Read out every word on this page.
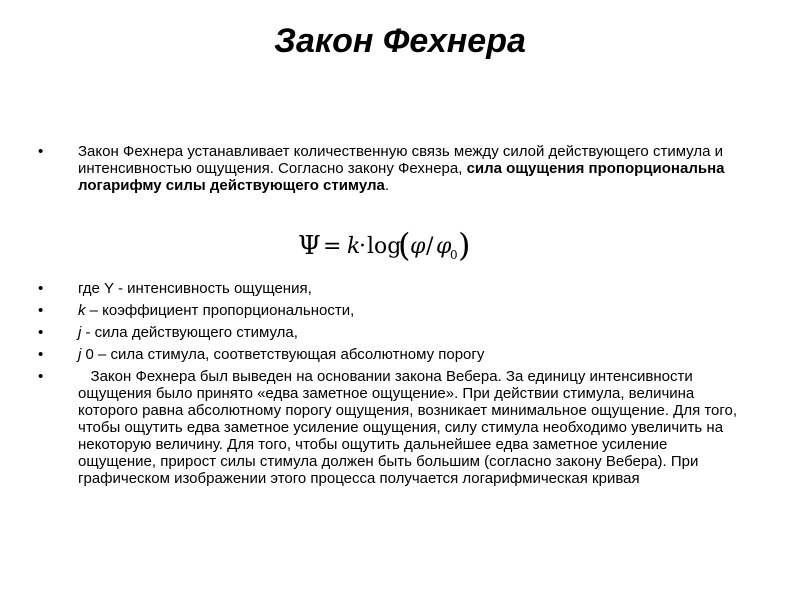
Закон Фехнера
• Закон Фехнера устанавливает количественную связь между силой действующего стимула и интенсивностью ощущения. Согласно закону Фехнера, сила ощущения пропорциональна логарифму силы действующего стимула.
Ψ = k
· log
( φ / φ
0 )
• где Y - интенсивность ощущения,
• k – коэффициент пропорциональности,
• j - сила действующего стимула,
• j 0 – сила стимула, соответствующая абсолютному порогу
•    Закон Фехнера был выведен на основании закона Вебера. За единицу интенсивности ощущения было принято «едва заметное ощущение». При действии стимула, величина которого равна абсолютному порогу ощущения, возникает минимальное ощущение. Для того, чтобы ощутить едва заметное усиление ощущения, силу стимула необходимо увеличить на некоторую величину. Для того, чтобы ощутить дальнейшее едва заметное усиление ощущение, прирост силы стимула должен быть большим (согласно закону Вебера). При графическом изображении этого процесса получается логарифмическая кривая
